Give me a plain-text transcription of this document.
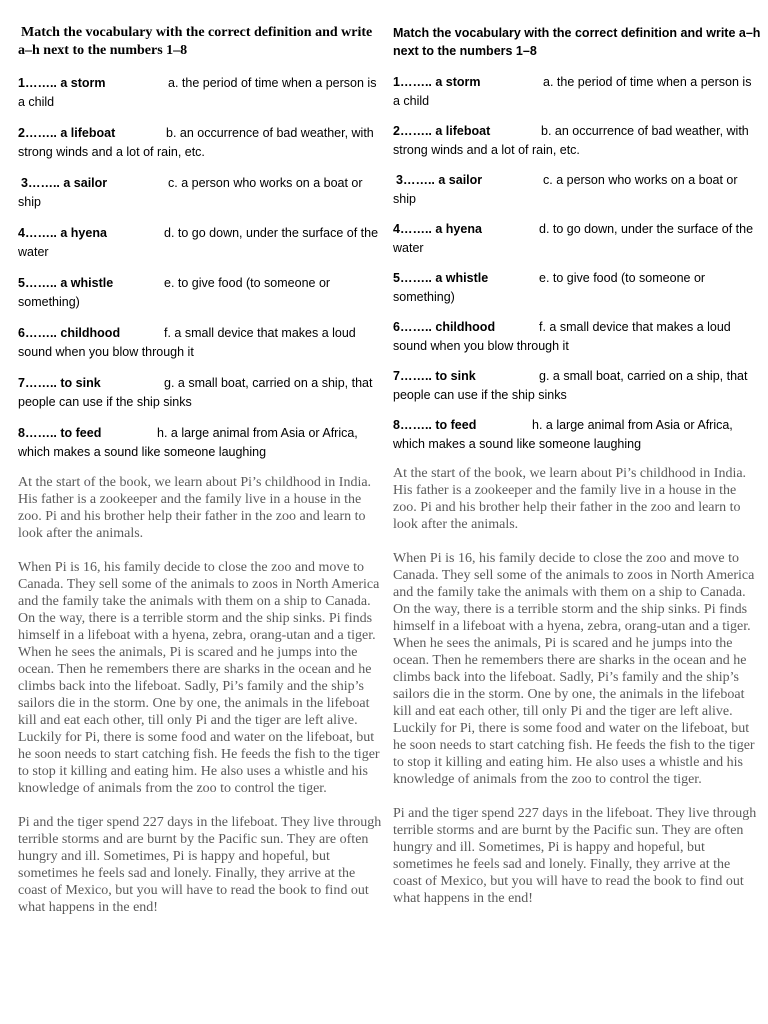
Match the vocabulary with the correct definition and write a–h next to the numbers 1–8

1…….. a storm	a. the period of time when a person is a child

2…….. a lifeboat	b. an occurrence of bad weather, with strong winds and a lot of rain, etc.

3…….. a sailor	c. a person who works on a boat or ship

4…….. a hyena	d. to go down, under the surface of the water

5…….. a whistle	e. to give food (to someone or something)

6…….. childhood	f. a small device that makes a loud sound when you blow through it

7…….. to sink	g. a small boat, carried on a ship, that people can use if the ship sinks

8…….. to feed	h. a large animal from Asia or Africa, which makes a sound like someone laughing

At the start of the book, we learn about Pi’s childhood in India. His father is a zookeeper and the family live in a house in the zoo. Pi and his brother help their father in the zoo and learn to look after the animals.

When Pi is 16, his family decide to close the zoo and move to Canada. They sell some of the animals to zoos in North America and the family take the animals with them on a ship to Canada. On the way, there is a terrible storm and the ship sinks. Pi finds himself in a lifeboat with a hyena, zebra, orang-utan and a tiger. When he sees the animals, Pi is scared and he jumps into the ocean. Then he remembers there are sharks in the ocean and he climbs back into the lifeboat. Sadly, Pi’s family and the ship’s sailors die in the storm. One by one, the animals in the lifeboat kill and eat each other, till only Pi and the tiger are left alive. Luckily for Pi, there is some food and water on the lifeboat, but he soon needs to start catching fish. He feeds the fish to the tiger to stop it killing and eating him. He also uses a whistle and his knowledge of animals from the zoo to control the tiger.

Pi and the tiger spend 227 days in the lifeboat. They live through terrible storms and are burnt by the Pacific sun. They are often hungry and ill. Sometimes, Pi is happy and hopeful, but sometimes he feels sad and lonely. Finally, they arrive at the coast of Mexico, but you will have to read the book to find out what happens in the end!

Match the vocabulary with the correct definition and write a–h next to the numbers 1–8

1…….. a storm	a. the period of time when a person is a child

2…….. a lifeboat	b. an occurrence of bad weather, with strong winds and a lot of rain, etc.

3…….. a sailor	c. a person who works on a boat or ship

4…….. a hyena	d. to go down, under the surface of the water

5…….. a whistle	e. to give food (to someone or something)

6…….. childhood	f. a small device that makes a loud sound when you blow through it

7…….. to sink	g. a small boat, carried on a ship, that people can use if the ship sinks

8…….. to feed	h. a large animal from Asia or Africa, which makes a sound like someone laughing

At the start of the book, we learn about Pi’s childhood in India. His father is a zookeeper and the family live in a house in the zoo. Pi and his brother help their father in the zoo and learn to look after the animals.

When Pi is 16, his family decide to close the zoo and move to Canada. They sell some of the animals to zoos in North America and the family take the animals with them on a ship to Canada. On the way, there is a terrible storm and the ship sinks. Pi finds himself in a lifeboat with a hyena, zebra, orang-utan and a tiger. When he sees the animals, Pi is scared and he jumps into the ocean. Then he remembers there are sharks in the ocean and he climbs back into the lifeboat. Sadly, Pi’s family and the ship’s sailors die in the storm. One by one, the animals in the lifeboat kill and eat each other, till only Pi and the tiger are left alive. Luckily for Pi, there is some food and water on the lifeboat, but he soon needs to start catching fish. He feeds the fish to the tiger to stop it killing and eating him. He also uses a whistle and his knowledge of animals from the zoo to control the tiger.

Pi and the tiger spend 227 days in the lifeboat. They live through terrible storms and are burnt by the Pacific sun. They are often hungry and ill. Sometimes, Pi is happy and hopeful, but sometimes he feels sad and lonely. Finally, they arrive at the coast of Mexico, but you will have to read the book to find out what happens in the end!
